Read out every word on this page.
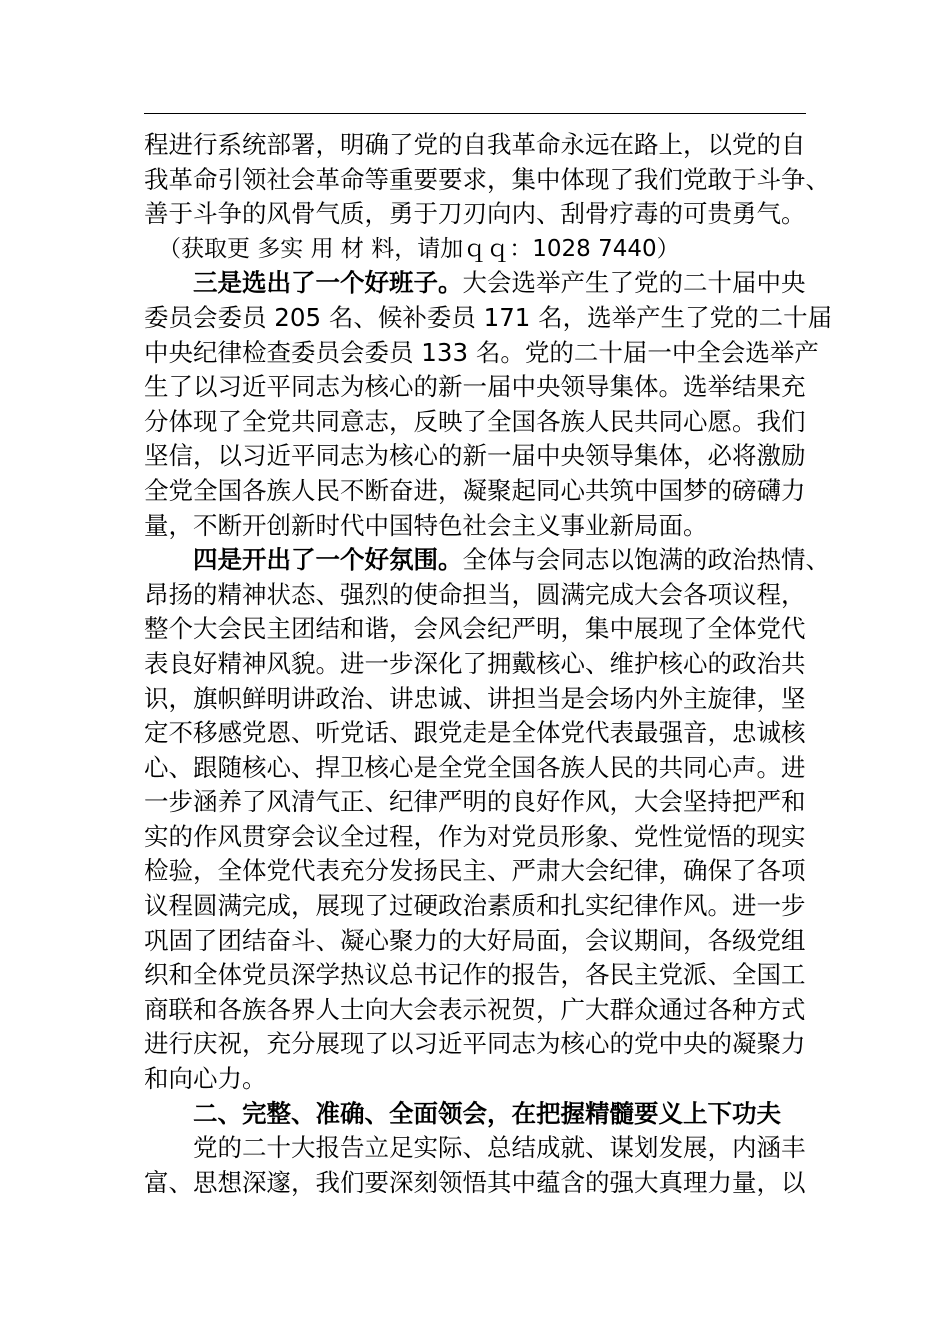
程进行系统部署，明确了党的自我革命永远在路上，以党的自
我革命引领社会革命等重要要求，集中体现了我们党敢于斗争、
善于斗争的风骨气质，勇于刀刃向内、刮骨疗毒的可贵勇气。
（获取更 多实 用 材 料，请加ｑｑ：1028 7440）
三是选出了一个好班子。大会选举产生了党的二十届中央
委员会委员 205 名、候补委员 171 名，选举产生了党的二十届
中央纪律检查委员会委员 133 名。党的二十届一中全会选举产
生了以习近平同志为核心的新一届中央领导集体。选举结果充
分体现了全党共同意志，反映了全国各族人民共同心愿。我们
坚信，以习近平同志为核心的新一届中央领导集体，必将激励
全党全国各族人民不断奋进，凝聚起同心共筑中国梦的磅礴力
量，不断开创新时代中国特色社会主义事业新局面。
四是开出了一个好氛围。全体与会同志以饱满的政治热情、
昂扬的精神状态、强烈的使命担当，圆满完成大会各项议程，
整个大会民主团结和谐，会风会纪严明，集中展现了全体党代
表良好精神风貌。进一步深化了拥戴核心、维护核心的政治共
识，旗帜鲜明讲政治、讲忠诚、讲担当是会场内外主旋律，坚
定不移感党恩、听党话、跟党走是全体党代表最强音，忠诚核
心、跟随核心、捍卫核心是全党全国各族人民的共同心声。进
一步涵养了风清气正、纪律严明的良好作风，大会坚持把严和
实的作风贯穿会议全过程，作为对党员形象、党性觉悟的现实
检验，全体党代表充分发扬民主、严肃大会纪律，确保了各项
议程圆满完成，展现了过硬政治素质和扎实纪律作风。进一步
巩固了团结奋斗、凝心聚力的大好局面，会议期间，各级党组
织和全体党员深学热议总书记作的报告，各民主党派、全国工
商联和各族各界人士向大会表示祝贺，广大群众通过各种方式
进行庆祝，充分展现了以习近平同志为核心的党中央的凝聚力
和向心力。
二、完整、准确、全面领会，在把握精髓要义上下功夫
党的二十大报告立足实际、总结成就、谋划发展，内涵丰
富、思想深邃，我们要深刻领悟其中蕴含的强大真理力量，以
